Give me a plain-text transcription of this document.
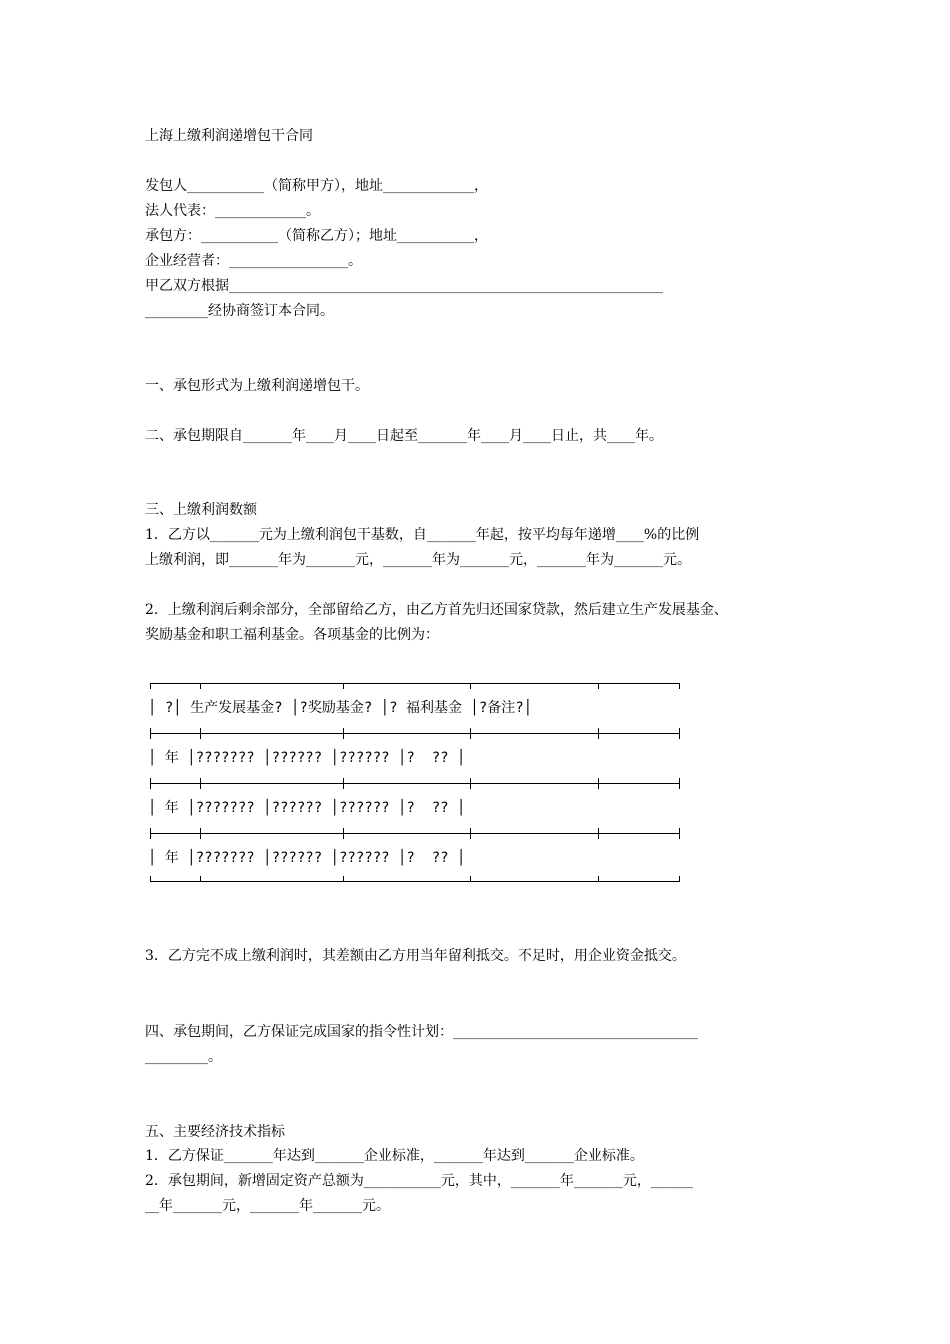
上海上缴利润递增包干合同
发包人___________（简称甲方），地址_____________，
法人代表：_____________。
承包方：___________（简称乙方）；地址___________，
企业经营者：_________________。
甲乙双方根据______________________________________________________________
_________经协商签订本合同。
一、承包形式为上缴利润递增包干。
二、承包期限自_______年____月____日起至_______年____月____日止，共____年。
三、上缴利润数额
1．乙方以_______元为上缴利润包干基数，自_______年起，按平均每年递增____%的比例
上缴利润，即_______年为_______元，_______年为_______元，_______年为_______元。
2．上缴利润后剩余部分，全部留给乙方，由乙方首先归还国家贷款，然后建立生产发展基金、
奖励基金和职工福利基金。各项基金的比例为：
│ ?│ 生产发展基金? │?奖励基金? │? 福利基金 │?备注?│
│ 年 │??????? │?????? │?????? │?  ?? │
│ 年 │??????? │?????? │?????? │?  ?? │
│ 年 │??????? │?????? │?????? │?  ?? │
3．乙方完不成上缴利润时，其差额由乙方用当年留利抵交。不足时，用企业资金抵交。
四、承包期间，乙方保证完成国家的指令性计划：___________________________________
_________。
五、主要经济技术指标
1．乙方保证_______年达到_______企业标准，_______年达到_______企业标准。
2．承包期间，新增固定资产总额为___________元，其中，_______年_______元，______
__年_______元，_______年_______元。
